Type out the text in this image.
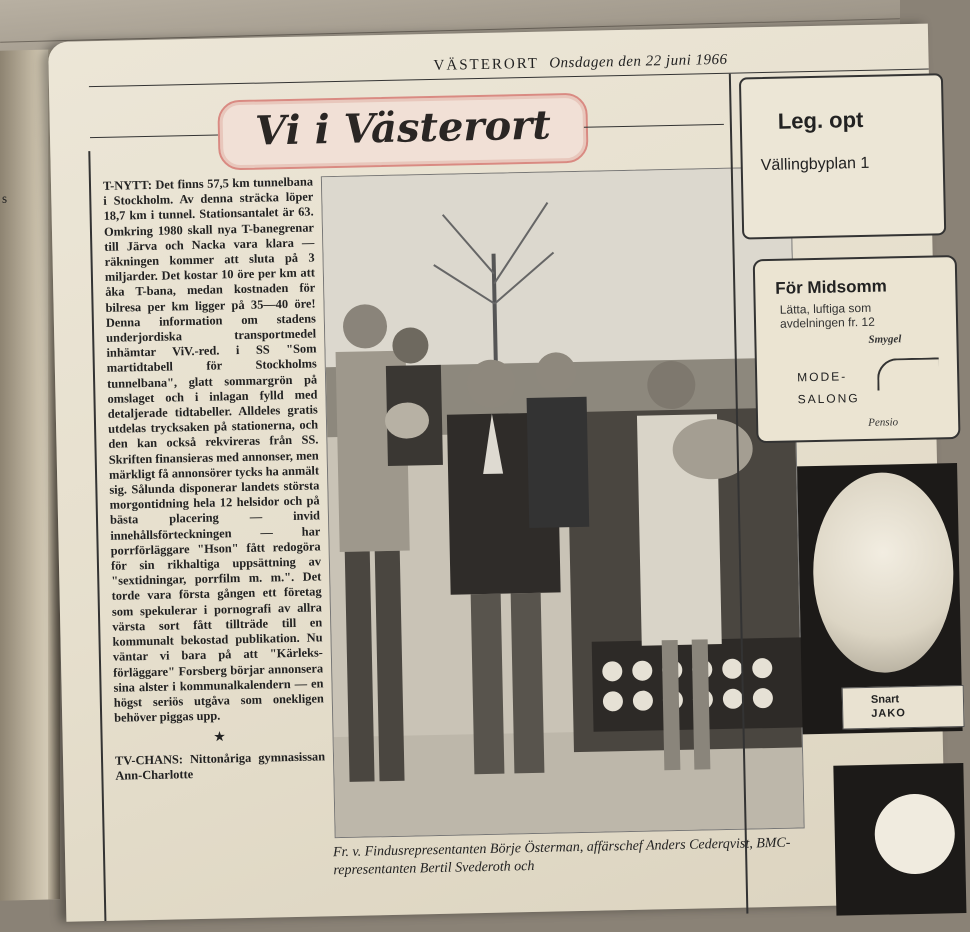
s
VÄSTERORT Onsdagen den 22 juni 1966
Vi i Västerort

T-NYTT: Det finns 57,5 km tunnelbana i Stockholm. Av denna sträcka löper 18,7 km i tunnel. Stationsantalet är 63. Omkring 1980 skall nya T-banegrenar till Järva och Nacka vara klara — räkningen kommer att sluta på 3 miljarder. Det kostar 10 öre per km att åka T-bana, medan kostnaden för bilresa per km ligger på 35—40 öre! Denna information om stadens underjordiska transportmedel inhämtar ViV.-red. i SS "Som martidtabell för Stockholms tunnelbana", glatt sommargrön på omslaget och i inlagan fylld med detaljerade tidtabeller. Alldeles gratis utdelas trycksaken på stationerna, och den kan också rekvireras från SS. Skriften finansieras med annonser, men märkligt få annonsörer tycks ha anmält sig. Sålunda disponerar landets största morgontidning hela 12 helsidor och på bästa placering — invid innehållsförteckningen — har porrförläggare "Hson" fått redogöra för sin rikhaltiga uppsättning av "sextidningar, porrfilm m. m.". Det torde vara första gången ett företag som spekulerar i pornografi av allra värsta sort fått tillträde till en kommunalt bekostad publikation. Nu väntar vi bara på att "Kärleks-förläggare" Forsberg börjar annonsera sina alster i kommunalkalendern — en högst seriös utgåva som onekligen behöver piggas upp.

★

TV-CHANS: Nittonåriga gymnasissan Ann-Charlotte

Fr. v. Findusrepresentanten Börje Österman, affärschef Anders Cederqvist, BMC-representanten Bertil Svederoth och
Leg. opt
Vällingbyplan 1
För Midsomm
Lätta, luftiga som
avdelningen fr. 12
Smygel
MODE-
SALONG
Pensio
Snart
JAKO
